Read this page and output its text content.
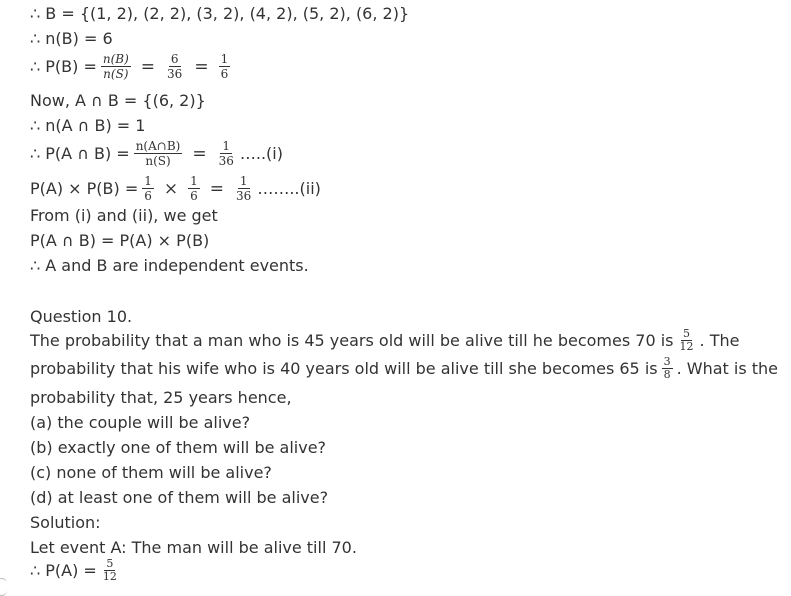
∴ B = {(1, 2), (2, 2), (3, 2), (4, 2), (5, 2), (6, 2)}
∴ n(B) = 6
∴ $P(B) = \frac{n(B)}{n(S)} = \frac{6}{36} = \frac{1}{6}$
Now, A ∩ B = {(6, 2)}
∴ n(A ∩ B) = 1
∴ P(A ∩ $B) = \frac{n(A\cap B)}{n(S)} = \frac{1}{36}$ …..(i)
$P(A) \times P(B) = \frac{1}{6} \times \frac{1}{6} = \frac{1}{36}$ ……..(ii)
From (i) and (ii), we get
P(A ∩ B) = P(A) × P(B)
∴ A and B are independent events.
Question 10.
The probability that a man who is 45 years old will be alive till he becomes 70 is $\frac{5}{12}$ . The
probability that his wife who is 40 years old will be alive till she becomes 65 is $\frac{3}{8}$ . What is the
probability that, 25 years hence,
(a) the couple will be alive?
(b) exactly one of them will be alive?
(c) none of them will be alive?
(d) at least one of them will be alive?
Solution:
Let event A: The man will be alive till 70.
∴ $P(A) = \frac{5}{12}$
